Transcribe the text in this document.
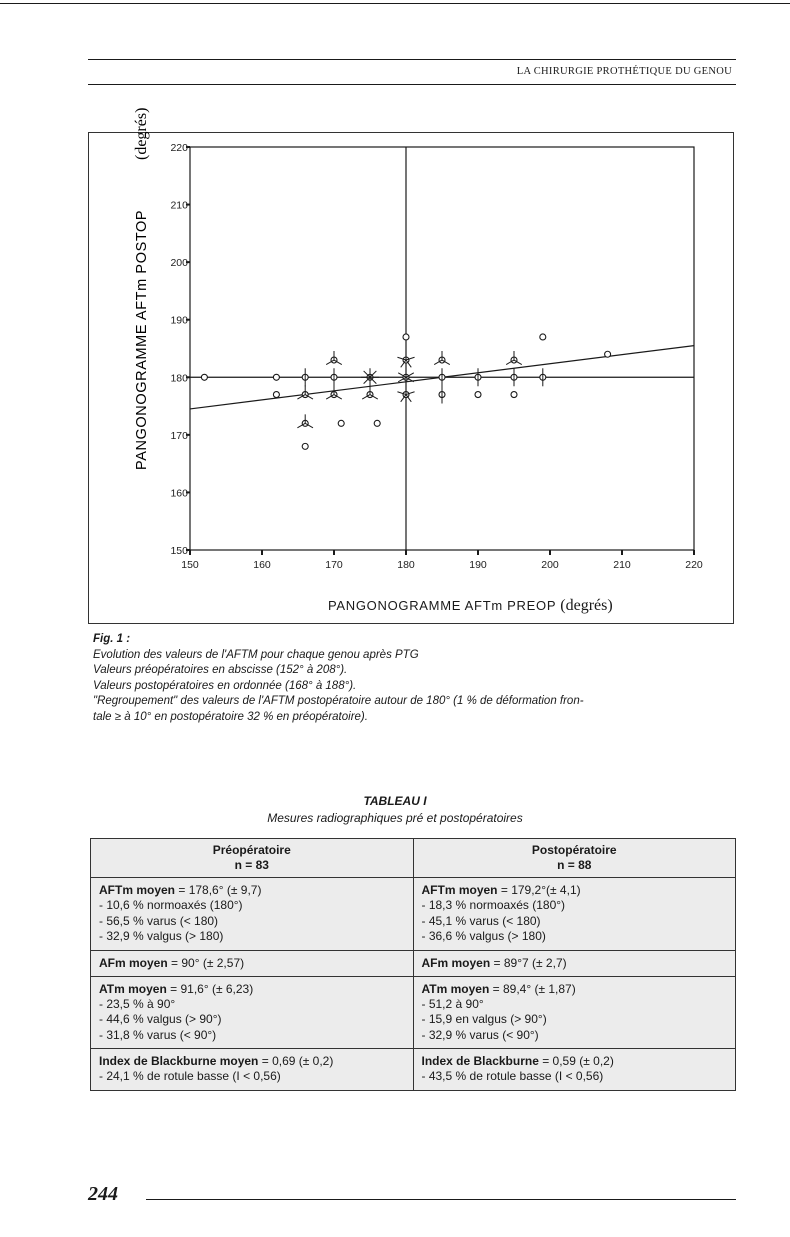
LA CHIRURGIE PROTHÉTIQUE DU GENOU
150	160	170	180	190	200	210	220
150
160
170
180
190
200
210
220
PANGONOGRAMME AFTm POSTOP
(degrés)
PANGONOGRAMME AFTm PREOP (degrés)
Fig. 1 :
Evolution des valeurs de l'AFTM pour chaque genou après PTG
Valeurs préopératoires en abscisse (152° à 208°).
Valeurs postopératoires en ordonnée (168° à 188°).
"Regroupement" des valeurs de l'AFTM postopératoire autour de 180° (1 % de déformation fron-
tale ≥ à 10° en postopératoire 32 % en préopératoire).
TABLEAU I
Mesures radiographiques pré et postopératoires
Préopératoire
n = 83	Postopératoire
n = 88

AFTm moyen = 178,6° (± 9,7)
- 10,6 % normoaxés (180°)
- 56,5 % varus (< 180)
- 32,9 % valgus (> 180)	AFTm moyen = 179,2°(± 4,1)
- 18,3 % normoaxés (180°)
- 45,1 % varus (< 180)
- 36,6 % valgus (> 180)

AFm moyen = 90° (± 2,57)	AFm moyen = 89°7 (± 2,7)

ATm moyen = 91,6° (± 6,23)
- 23,5 % à 90°
- 44,6 % valgus (> 90°)
- 31,8 % varus (< 90°)	ATm moyen = 89,4° (± 1,87)
- 51,2 à 90°
- 15,9 en valgus (> 90°)
- 32,9 % varus (< 90°)

Index de Blackburne moyen = 0,69 (± 0,2)
- 24,1 % de rotule basse (I < 0,56)	Index de Blackburne = 0,59 (± 0,2)
- 43,5 % de rotule basse (I < 0,56)
244
